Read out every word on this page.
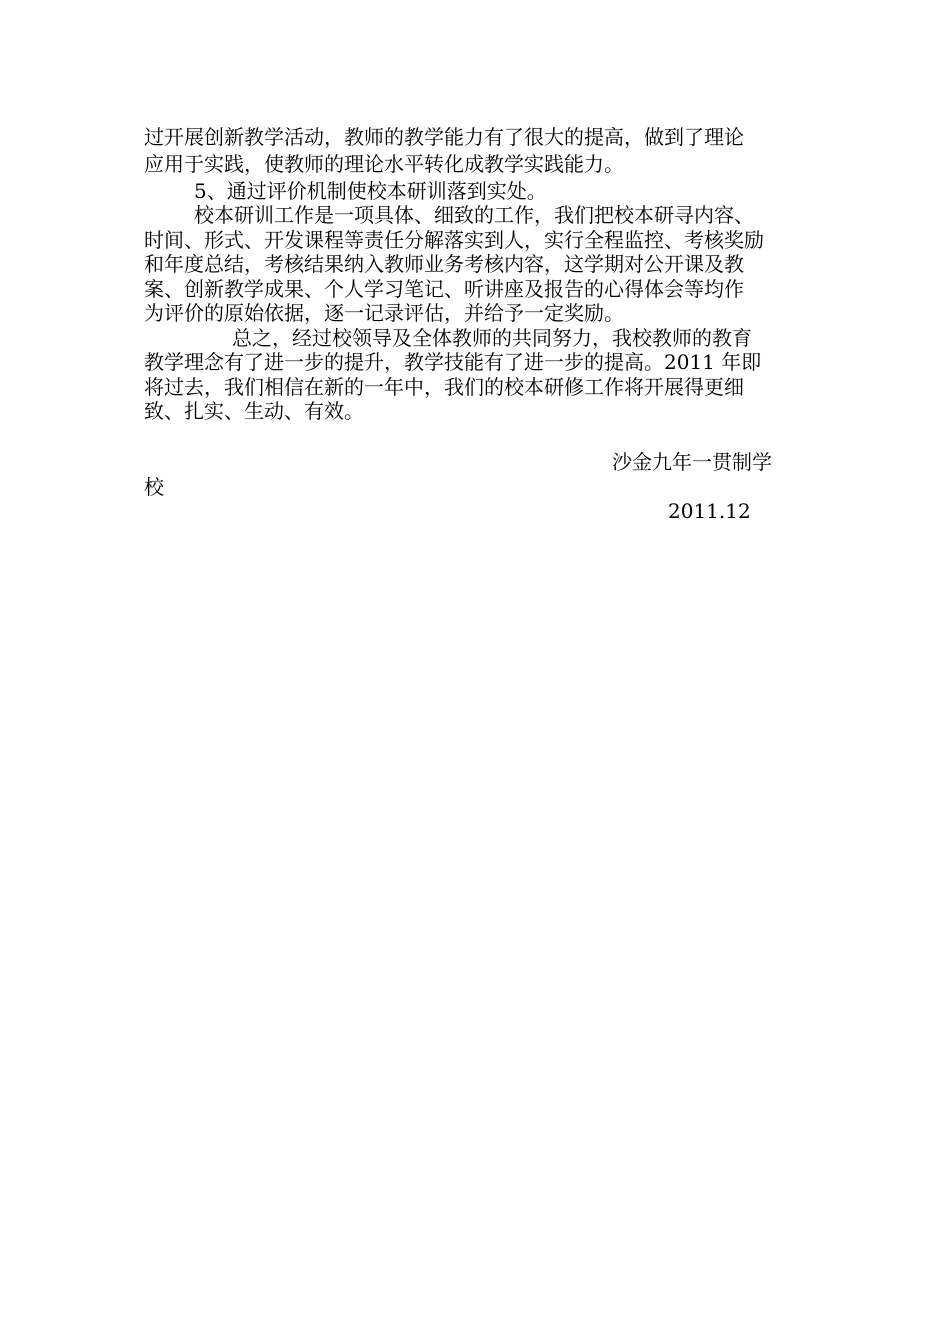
过开展创新教学活动，教师的教学能力有了很大的提高，做到了理论
应用于实践，使教师的理论水平转化成教学实践能力。
5、通过评价机制使校本研训落到实处。
校本研训工作是一项具体、细致的工作，我们把校本研寻内容、
时间、形式、开发课程等责任分解落实到人，实行全程监控、考核奖励
和年度总结，考核结果纳入教师业务考核内容，这学期对公开课及教
案、创新教学成果、个人学习笔记、听讲座及报告的心得体会等均作
为评价的原始依据，逐一记录评估，并给予一定奖励。
总之，经过校领导及全体教师的共同努力，我校教师的教育
教学理念有了进一步的提升，教学技能有了进一步的提高。2011 年即
将过去，我们相信在新的一年中，我们的校本研修工作将开展得更细
致、扎实、生动、有效。
沙金九年一贯制学
校
2011.12
